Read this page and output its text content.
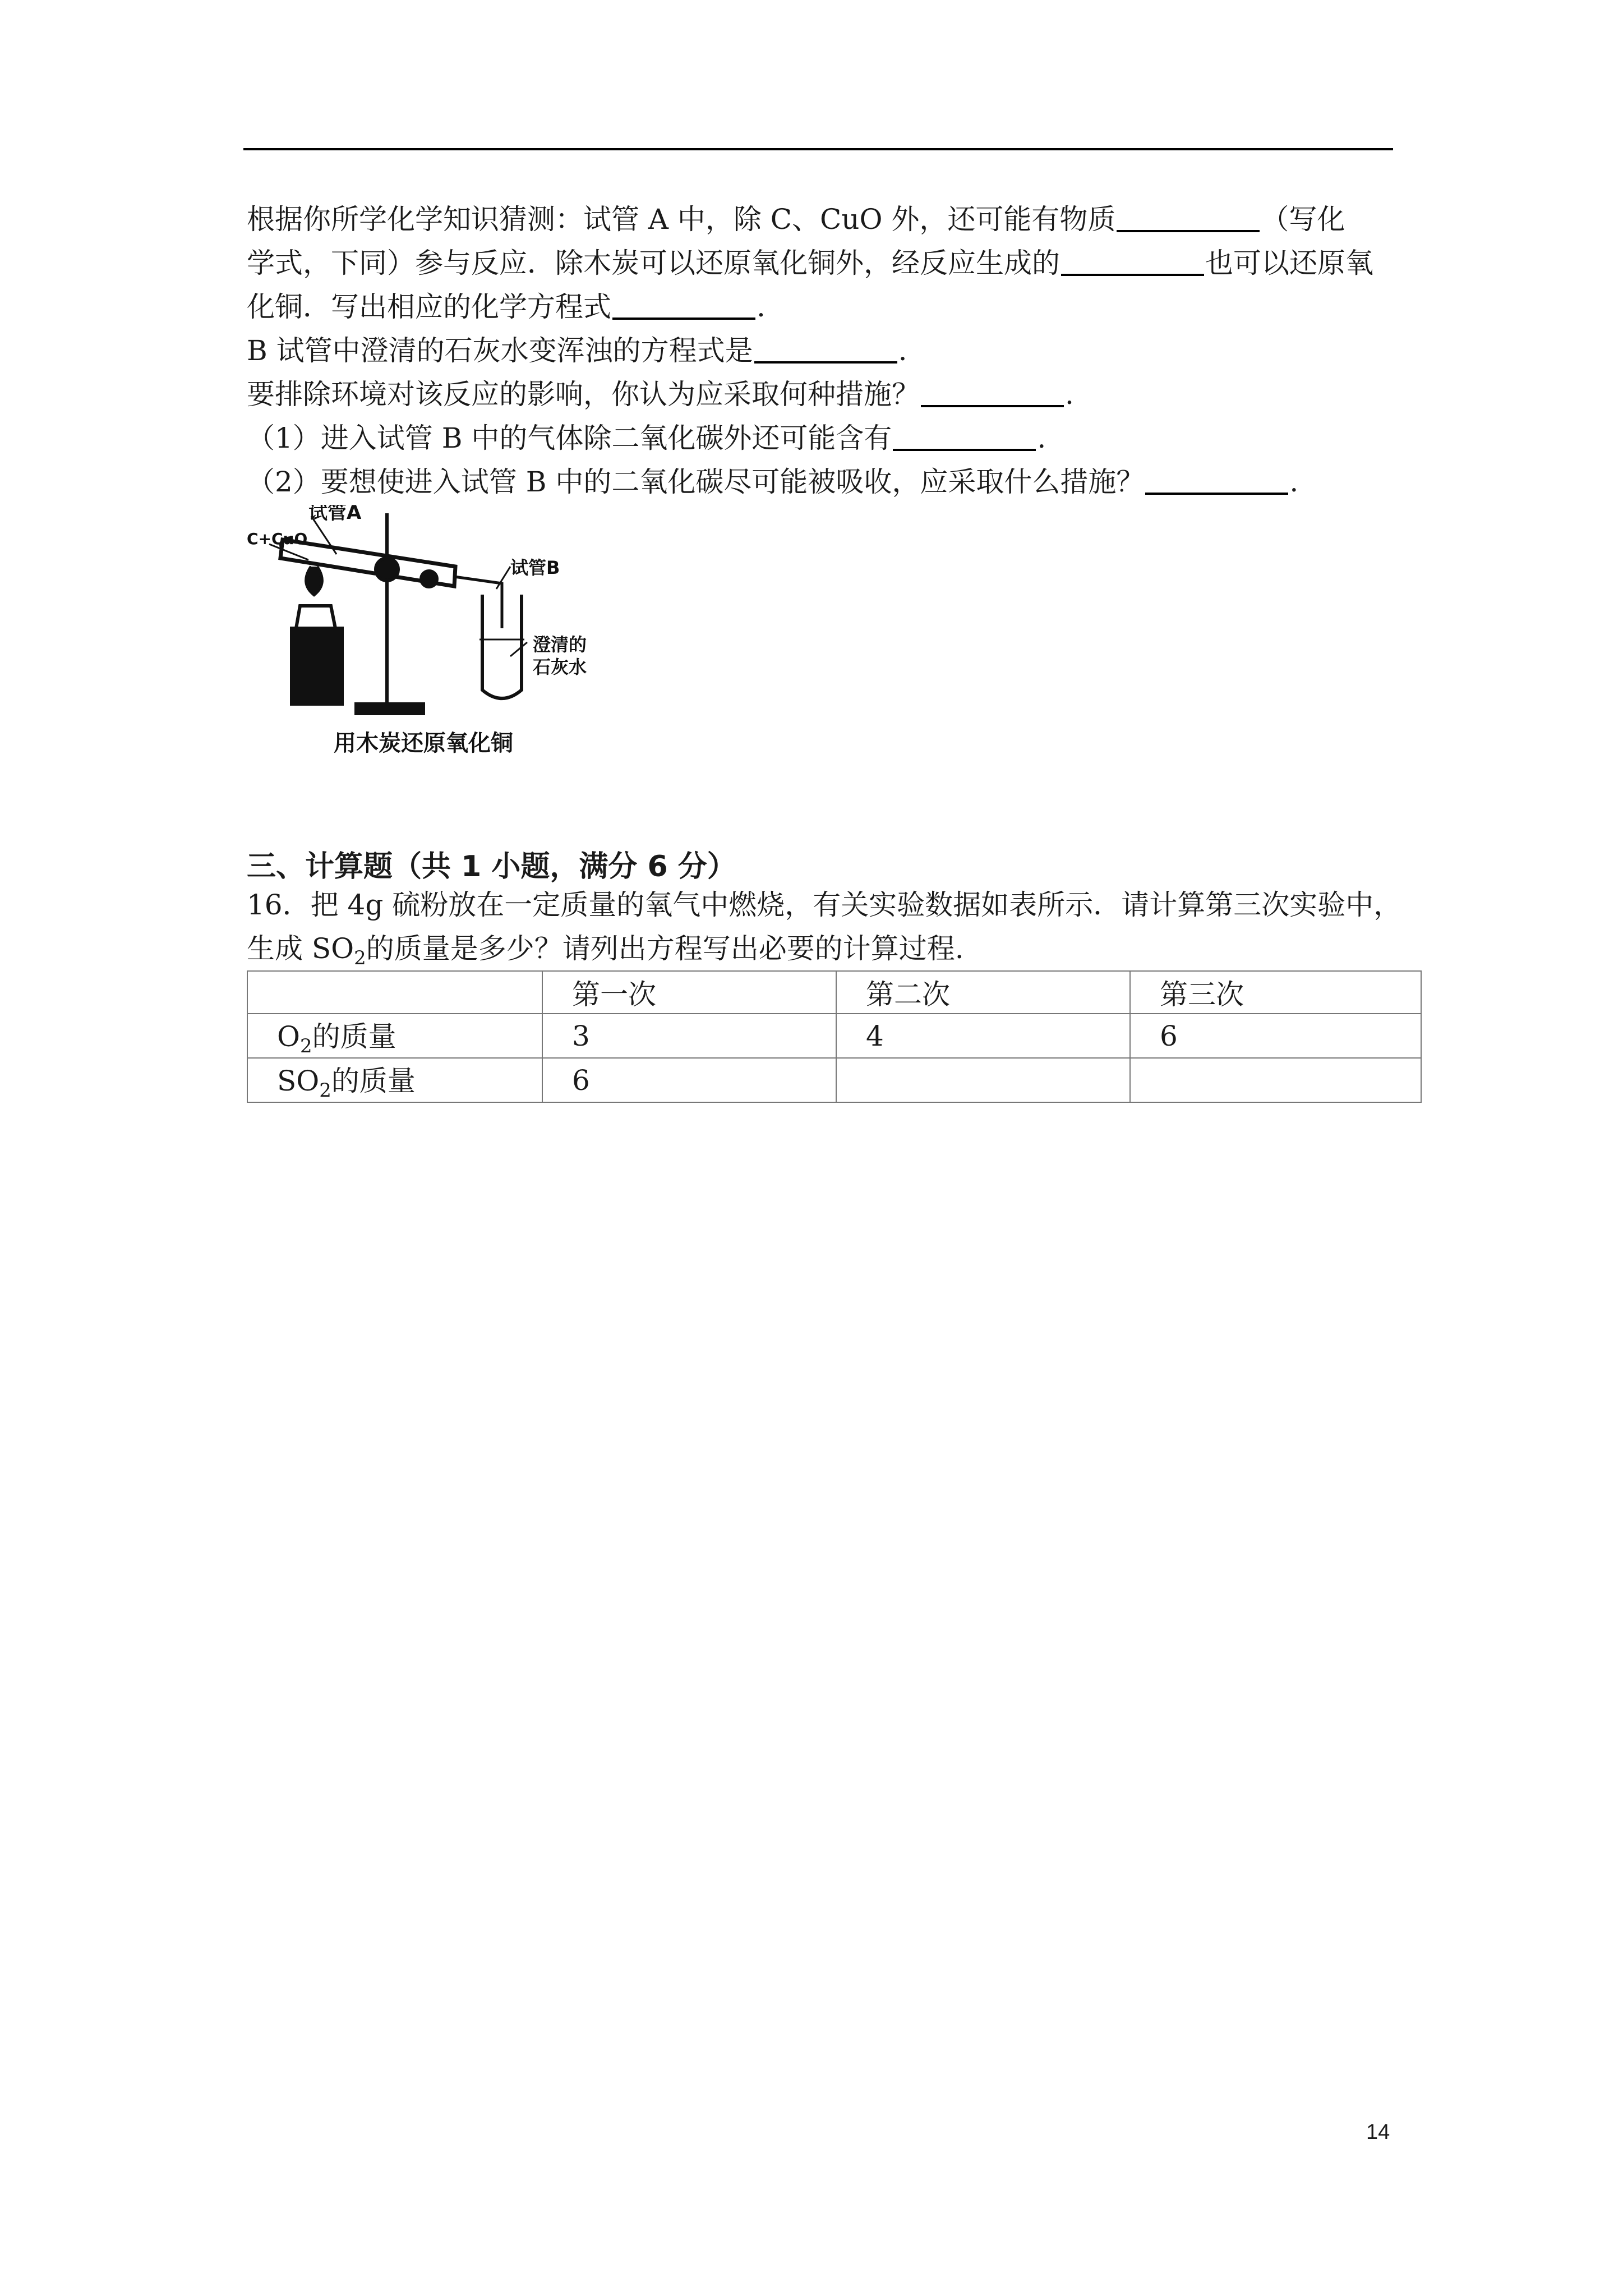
根据你所学化学知识猜测：试管 A 中，除 C、CuO 外，还可能有物质	（写化
学式，下同）参与反应．除木炭可以还原氧化铜外，经反应生成的	也可以还原氧
化铜．写出相应的化学方程式	.
B 试管中澄清的石灰水变浑浊的方程式是	.
要排除环境对该反应的影响，你认为应采取何种措施？	.
（1）进入试管 B 中的气体除二氧化碳外还可能含有	.
（2）要想使进入试管 B 中的二氧化碳尽可能被吸收，应采取什么措施？	.
试管A
C+CuO
试管B
澄清的
石灰水
用木炭还原氧化铜
三、计算题（共 1 小题，满分 6 分）
16．把 4g 硫粉放在一定质量的氧气中燃烧，有关实验数据如表所示．请计算第三次实验中，
生成 $SO_2$的质量是多少？请列出方程写出必要的计算过程.
	第一次	第二次	第三次
$O_2$的质量	3	4	6
$SO_2$的质量	6		
14
